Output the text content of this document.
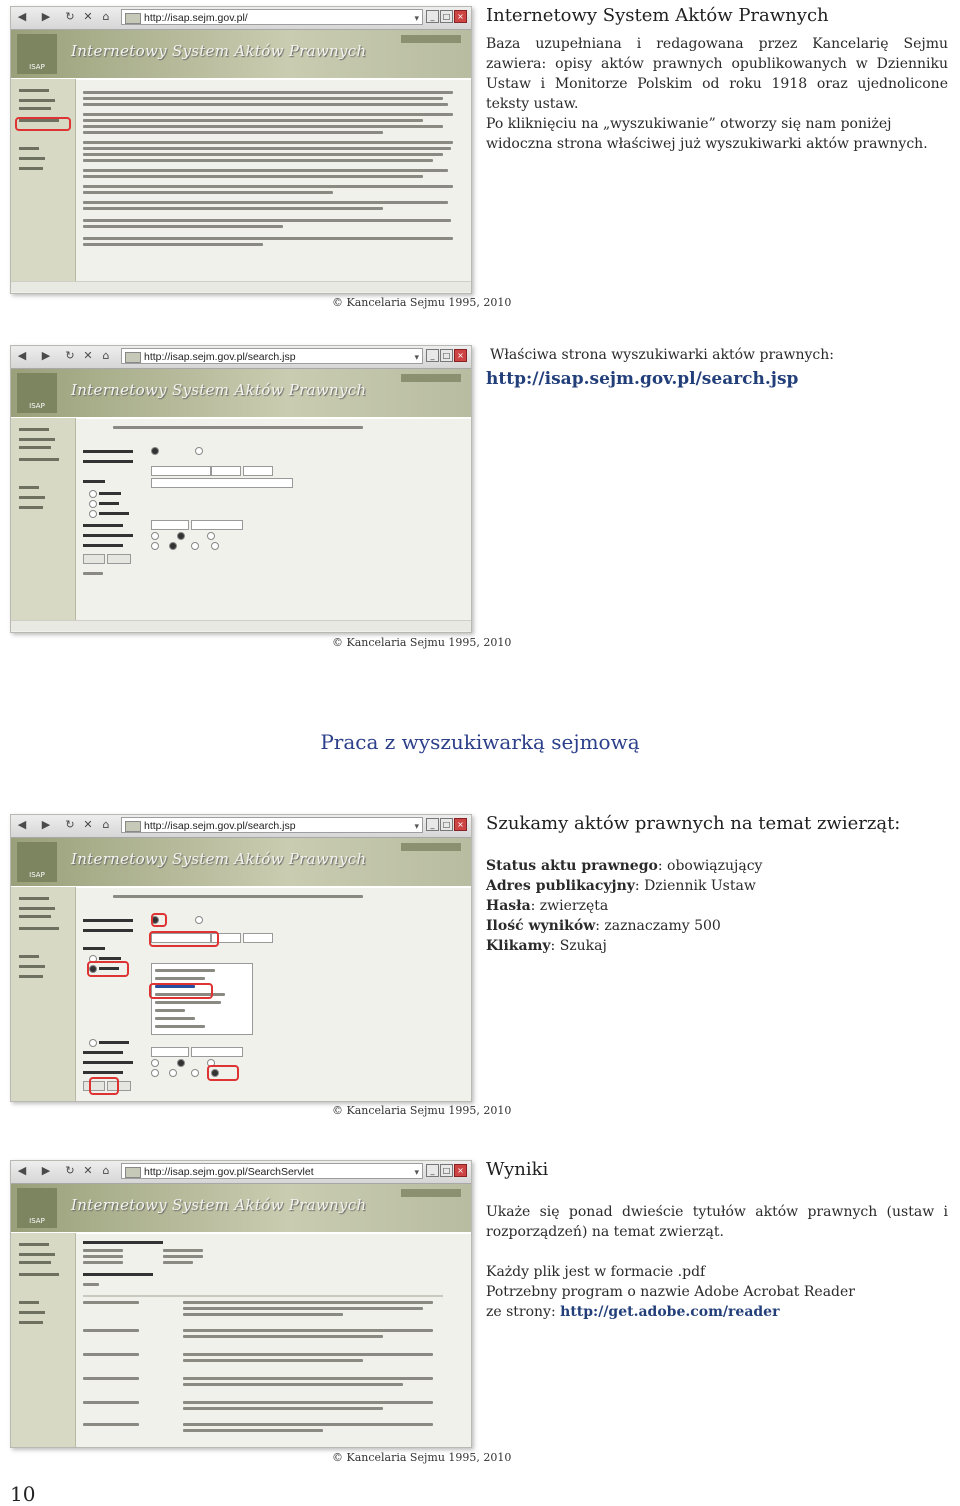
◀ ▶ ↻ ✕ ⌂	http://isap.sejm.gov.pl/	▾	_	□ ×
ISAP
Internetowy System Aktów Prawnych
© Kancelaria Sejmu 1995, 2010
Internetowy System Aktów Prawnych
Baza uzupełniana i redagowana przez Kancelarię Sejmu zawiera: opisy aktów prawnych opublikowanych w Dzienniku Ustaw i Monitorze Polskim od roku 1918 oraz ujednolicone teksty ustaw.
Po kliknięciu na „wyszukiwanie” otworzy się nam poniżej widoczna strona właściwej już wyszukiwarki aktów prawnych.
◀ ▶ ↻ ✕ ⌂	http://isap.sejm.gov.pl/search.jsp	▾	_	□ ×
ISAP
Internetowy System Aktów Prawnych
© Kancelaria Sejmu 1995, 2010
Właściwa strona wyszukiwarki aktów prawnych:
http://isap.sejm.gov.pl/search.jsp
Praca z wyszukiwarką sejmową
◀ ▶ ↻ ✕ ⌂	http://isap.sejm.gov.pl/search.jsp	▾	_	□ ×
ISAP
Internetowy System Aktów Prawnych
© Kancelaria Sejmu 1995, 2010
Szukamy aktów prawnych na temat zwierząt:
Status aktu prawnego: obowiązujący
Adres publikacyjny: Dziennik Ustaw
Hasła: zwierzęta
Ilość wyników: zaznaczamy 500
Klikamy: Szukaj
◀ ▶ ↻ ✕ ⌂	http://isap.sejm.gov.pl/SearchServlet	▾	_	□ ×
ISAP
Internetowy System Aktów Prawnych
© Kancelaria Sejmu 1995, 2010
Wyniki
Ukaże się ponad dwieście tytułów aktów prawnych (ustaw i rozporządzeń) na temat zwierząt.
Każdy plik jest w formacie .pdf
Potrzebny program o nazwie Adobe Acrobat Reader
ze strony: http://get.adobe.com/reader
10
